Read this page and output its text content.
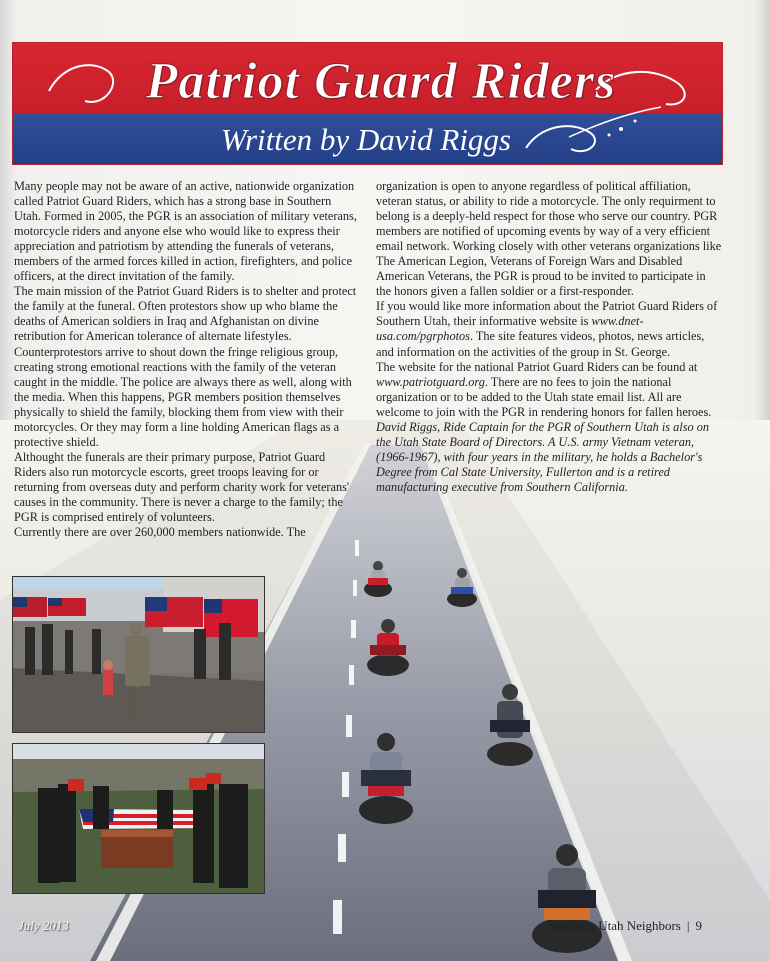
Patriot Guard Riders
Written by David Riggs

Many people may not be aware of an active, nationwide organization called Patriot Guard Riders, which has a strong base in Southern Utah. Formed in 2005, the PGR is an association of military veterans, motorcycle riders and anyone else who would like to express their appreciation and patriotism by attending the funerals of veterans, members of the armed forces killed in action, firefighters, and police officers, at the direct invitation of the family.

The main mission of the Patriot Guard Riders is to shelter and protect the family at the funeral. Often protestors show up who blame the deaths of American soldiers in Iraq and Afghanistan on divine retribution for American tolerance of alternate lifestyles. Counterprotestors arrive to shout down the fringe religious group, creating strong emotional reactions with the family of the veteran caught in the middle. The police are always there as well, along with the media. When this happens, PGR members position themselves physically to shield the family, blocking them from view with their motorcycles. Or they may form a line holding American flags as a protective shield.

Althought the funerals are their primary purpose, Patriot Guard Riders also run motorcycle escorts, greet troops leaving for or returning from overseas duty and perform charity work for veterans' causes in the community. There is never a charge to the family; the PGR is comprised entirely of volunteers.

Currently there are over 260,000 members nationwide. The

organization is open to anyone regardless of political affiliation, veteran status, or ability to ride a motorcycle. The only requirment to belong is a deeply-held respect for those who serve our country. PGR members are notified of upcoming events by way of a very efficient email network. Working closely with other veterans organizations like The American Legion, Veterans of Foreign Wars and Disabled American Veterans, the PGR is proud to be invited to participate in the honors given a fallen soldier or a first-responder.

If you would like more information about the Patriot Guard Riders of Southern Utah, their informative website is www.dnet-usa.com/pgrphotos. The site features videos, photos, news articles, and information on the activities of the group in St. George.

The website for the national Patriot Guard Riders can be found at www.patriotguard.org. There are no fees to join the national organization or to be added to the Utah state email list. All are welcome to join with the PGR in rendering honors for fallen heroes.

David Riggs, Ride Captain for the PGR of Southern Utah is also on the Utah State Board of Directors. A U.S. army Vietnam veteran, (1966-1967), with four years in the military, he holds a Bachelor's Degree from Cal State University, Fullerton and is a retired manufacturing executive from Southern California.

July 2013	Southern Utah Neighbors | 9
